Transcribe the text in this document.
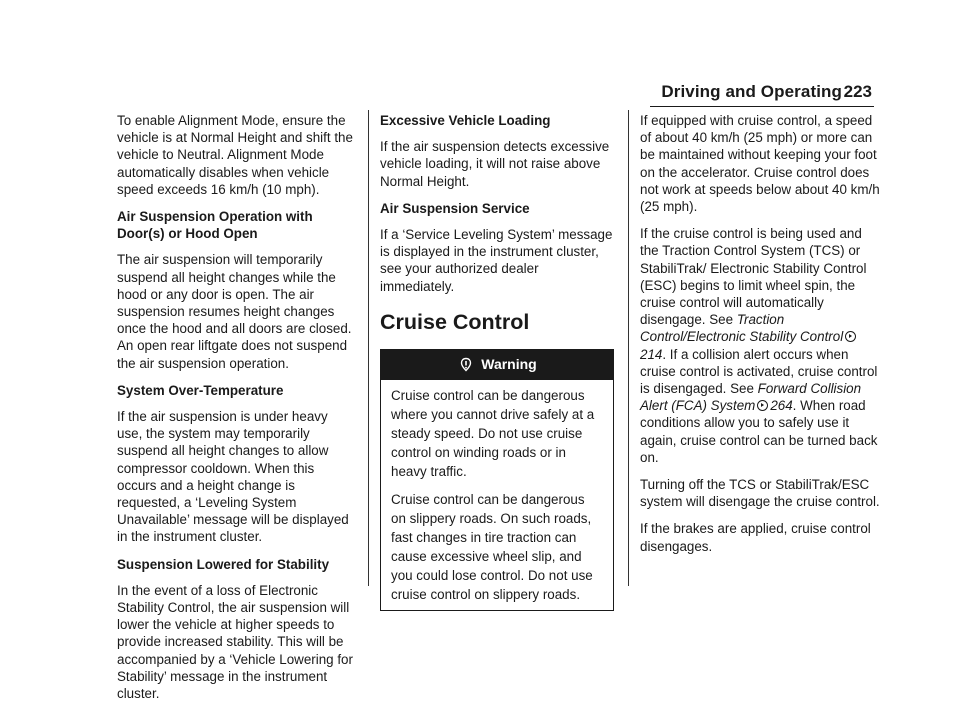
Driving and Operating 223

To enable Alignment Mode, ensure the vehicle is at Normal Height and shift the vehicle to Neutral. Alignment Mode automatically disables when vehicle speed exceeds 16 km/h (10 mph).

Air Suspension Operation with Door(s) or Hood Open

The air suspension will temporarily suspend all height changes while the hood or any door is open. The air suspension resumes height changes once the hood and all doors are closed. An open rear liftgate does not suspend the air suspension operation.

System Over-Temperature

If the air suspension is under heavy use, the system may temporarily suspend all height changes to allow compressor cooldown. When this occurs and a height change is requested, a ‘Leveling System Unavailable’ message will be displayed in the instrument cluster.

Suspension Lowered for Stability

In the event of a loss of Electronic Stability Control, the air suspension will lower the vehicle at higher speeds to provide increased stability. This will be accompanied by a ‘Vehicle Lowering for Stability’ message in the instrument cluster.

Excessive Vehicle Loading

If the air suspension detects excessive vehicle loading, it will not raise above Normal Height.

Air Suspension Service

If a ‘Service Leveling System’ message is displayed in the instrument cluster, see your authorized dealer immediately.

Cruise Control

Warning

Cruise control can be dangerous where you cannot drive safely at a steady speed. Do not use cruise control on winding roads or in heavy traffic.

Cruise control can be dangerous on slippery roads. On such roads, fast changes in tire traction can cause excessive wheel slip, and you could lose control. Do not use cruise control on slippery roads.

If equipped with cruise control, a speed of about 40 km/h (25 mph) or more can be maintained without keeping your foot on the accelerator. Cruise control does not work at speeds below about 40 km/h (25 mph).

If the cruise control is being used and the Traction Control System (TCS) or StabiliTrak/ Electronic Stability Control (ESC) begins to limit wheel spin, the cruise control will automatically disengage. See Traction Control/Electronic Stability Control214. If a collision alert occurs when cruise control is activated, cruise control is disengaged. See Forward Collision Alert (FCA) System 264. When road conditions allow you to safely use it again, cruise control can be turned back on.

Turning off the TCS or StabiliTrak/ESC system will disengage the cruise control.

If the brakes are applied, cruise control disengages.
